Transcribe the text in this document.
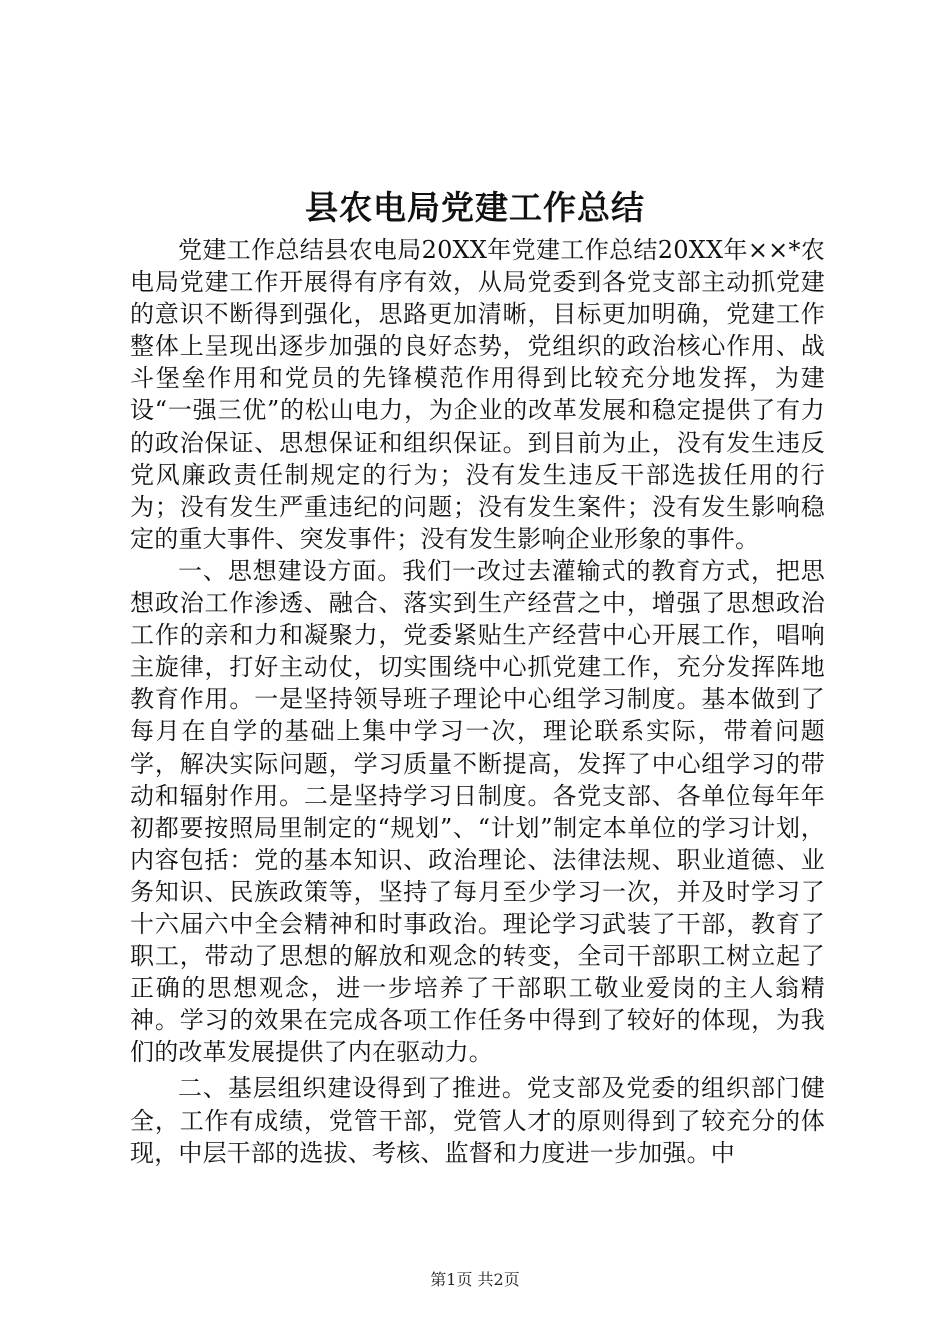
县农电局党建工作总结

党建工作总结县农电局20XX年党建工作总结20XX年××*农电局党建工作开展得有序有效，从局党委到各党支部主动抓党建的意识不断得到强化，思路更加清晰，目标更加明确，党建工作整体上呈现出逐步加强的良好态势，党组织的政治核心作用、战斗堡垒作用和党员的先锋模范作用得到比较充分地发挥，为建设“一强三优”的松山电力，为企业的改革发展和稳定提供了有力的政治保证、思想保证和组织保证。到目前为止，没有发生违反党风廉政责任制规定的行为；没有发生违反干部选拔任用的行为；没有发生严重违纪的问题；没有发生案件；没有发生影响稳定的重大事件、突发事件；没有发生影响企业形象的事件。

一、思想建设方面。我们一改过去灌输式的教育方式，把思想政治工作渗透、融合、落实到生产经营之中，增强了思想政治工作的亲和力和凝聚力，党委紧贴生产经营中心开展工作，唱响主旋律，打好主动仗，切实围绕中心抓党建工作，充分发挥阵地教育作用。一是坚持领导班子理论中心组学习制度。基本做到了每月在自学的基础上集中学习一次，理论联系实际，带着问题学，解决实际问题，学习质量不断提高，发挥了中心组学习的带动和辐射作用。二是坚持学习日制度。各党支部、各单位每年年初都要按照局里制定的“规划”、“计划”制定本单位的学习计划，内容包括：党的基本知识、政治理论、法律法规、职业道德、业务知识、民族政策等，坚持了每月至少学习一次，并及时学习了十六届六中全会精神和时事政治。理论学习武装了干部，教育了职工，带动了思想的解放和观念的转变，全司干部职工树立起了正确的思想观念，进一步培养了干部职工敬业爱岗的主人翁精神。学习的效果在完成各项工作任务中得到了较好的体现，为我们的改革发展提供了内在驱动力。

二、基层组织建设得到了推进。党支部及党委的组织部门健全，工作有成绩，党管干部，党管人才的原则得到了较充分的体现，中层干部的选拔、考核、监督和力度进一步加强。中

第1页 共2页
